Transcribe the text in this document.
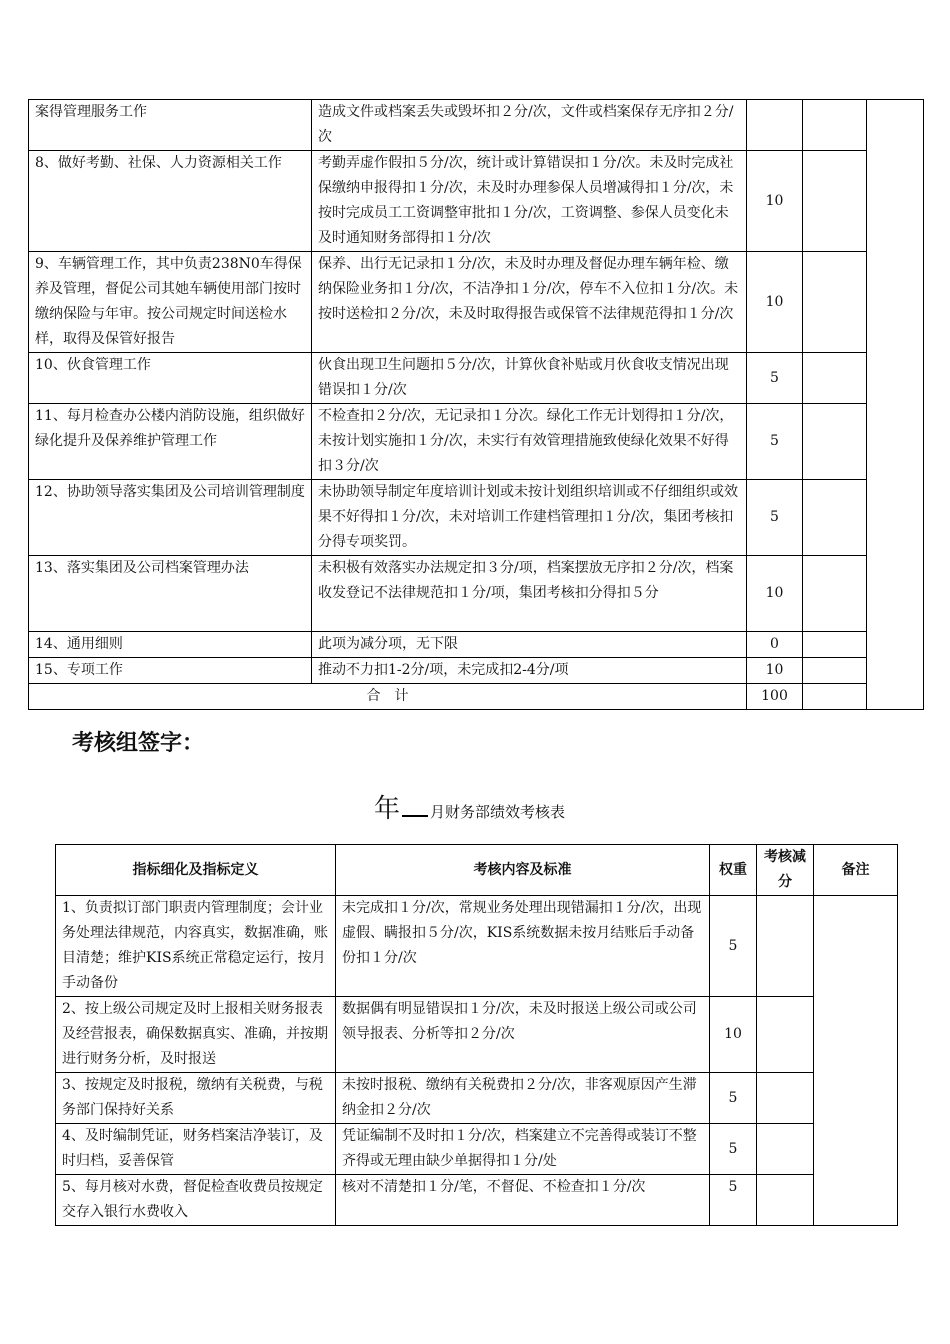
案得管理服务工作	造成文件或档案丢失或毁坏扣２分/次，文件或档案保存无序扣２分/次			
8、做好考勤、社保、人力资源相关工作	考勤弄虚作假扣５分/次，统计或计算错误扣１分/次。未及时完成社保缴纳申报得扣１分/次，未及时办理参保人员增减得扣１分/次，未按时完成员工工资调整审批扣１分/次，工资调整、参保人员变化未及时通知财务部得扣１分/次	10		
9、车辆管理工作，其中负责238N0车得保养及管理，督促公司其她车辆使用部门按时缴纳保险与年审。按公司规定时间送检水样，取得及保管好报告	保养、出行无记录扣１分/次，未及时办理及督促办理车辆年检、缴纳保险业务扣１分/次，不洁净扣１分/次，停车不入位扣１分/次。未按时送检扣２分/次，未及时取得报告或保管不法律规范得扣１分/次	10		
10、伙食管理工作	伙食出现卫生问题扣５分/次，计算伙食补贴或月伙食收支情况出现错误扣１分/次	5		
11、每月检查办公楼内消防设施，组织做好绿化提升及保养维护管理工作	不检查扣２分/次，无记录扣１分次。绿化工作无计划得扣１分/次，未按计划实施扣１分/次，未实行有效管理措施致使绿化效果不好得扣３分/次	5		
12、协助领导落实集团及公司培训管理制度	未协助领导制定年度培训计划或未按计划组织培训或不仔细组织或效果不好得扣１分/次，未对培训工作建档管理扣１分/次，集团考核扣分得专项奖罚。	5		
13、落实集团及公司档案管理办法	未积极有效落实办法规定扣３分/项，档案摆放无序扣２分/次，档案收发登记不法律规范扣１分/项，集团考核扣分得扣５分	10		
14、通用细则	此项为减分项，无下限	0		
15、专项工作	推动不力扣1-2分/项，未完成扣2-4分/项	10		
合　计		100		
考核组签字：
年 月财务部绩效考核表
指标细化及指标定义	考核内容及标准	权重	考核减分	备注
1、负责拟订部门职责内管理制度；会计业务处理法律规范，内容真实，数据准确，账目清楚；维护KIS系统正常稳定运行，按月手动备份	未完成扣１分/次，常规业务处理出现错漏扣１分/次，出现虚假、瞒报扣５分/次，KIS系统数据未按月结账后手动备份扣１分/次	5		
2、按上级公司规定及时上报相关财务报表及经营报表，确保数据真实、准确，并按期进行财务分析，及时报送	数据偶有明显错误扣１分/次，未及时报送上级公司或公司领导报表、分析等扣２分/次	10		
3、按规定及时报税，缴纳有关税费，与税务部门保持好关系	未按时报税、缴纳有关税费扣２分/次，非客观原因产生滞纳金扣２分/次	5		
4、及时编制凭证，财务档案洁净装订，及时归档，妥善保管	凭证编制不及时扣１分/次，档案建立不完善得或装订不整齐得或无理由缺少单据得扣１分/处	5		
5、每月核对水费，督促检查收费员按规定交存入银行水费收入	核对不清楚扣１分/笔，不督促、不检查扣１分/次	5		
